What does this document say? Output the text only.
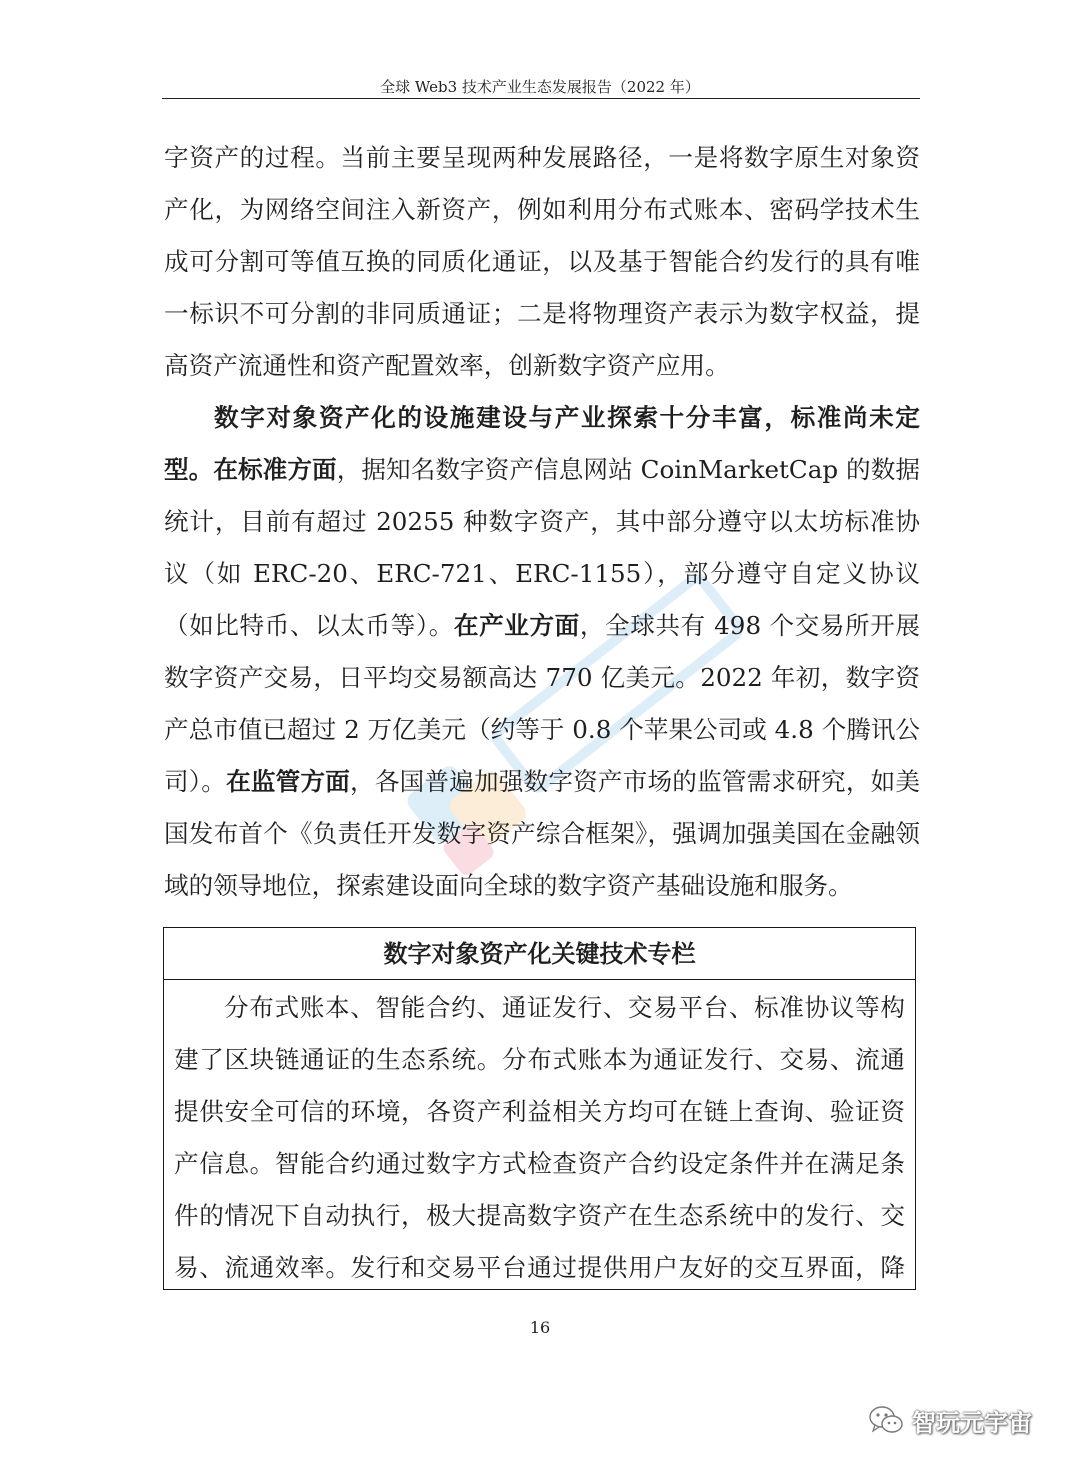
全球 Web3 技术产业生态发展报告（2022 年）

字资产的过程。当前主要呈现两种发展路径，一是将数字原生对象资产化，为网络空间注入新资产，例如利用分布式账本、密码学技术生成可分割可等值互换的同质化通证，以及基于智能合约发行的具有唯一标识不可分割的非同质通证；二是将物理资产表示为数字权益，提高资产流通性和资产配置效率，创新数字资产应用。

数字对象资产化的设施建设与产业探索十分丰富，标准尚未定型。在标准方面，据知名数字资产信息网站 CoinMarketCap 的数据统计，目前有超过 20255 种数字资产，其中部分遵守以太坊标准协议（如 ERC-20、ERC-721、ERC-1155），部分遵守自定义协议（如比特币、以太币等）。在产业方面，全球共有 498 个交易所开展数字资产交易，日平均交易额高达 770 亿美元。2022 年初，数字资产总市值已超过 2 万亿美元（约等于 0.8 个苹果公司或 4.8 个腾讯公司）。在监管方面，各国普遍加强数字资产市场的监管需求研究，如美国发布首个《负责任开发数字资产综合框架》，强调加强美国在金融领域的领导地位，探索建设面向全球的数字资产基础设施和服务。

数字对象资产化关键技术专栏

分布式账本、智能合约、通证发行、交易平台、标准协议等构建了区块链通证的生态系统。分布式账本为通证发行、交易、流通提供安全可信的环境，各资产利益相关方均可在链上查询、验证资产信息。智能合约通过数字方式检查资产合约设定条件并在满足条件的情况下自动执行，极大提高数字资产在生态系统中的发行、交易、流通效率。发行和交易平台通过提供用户友好的交互界面，降

16
智玩元宇宙
